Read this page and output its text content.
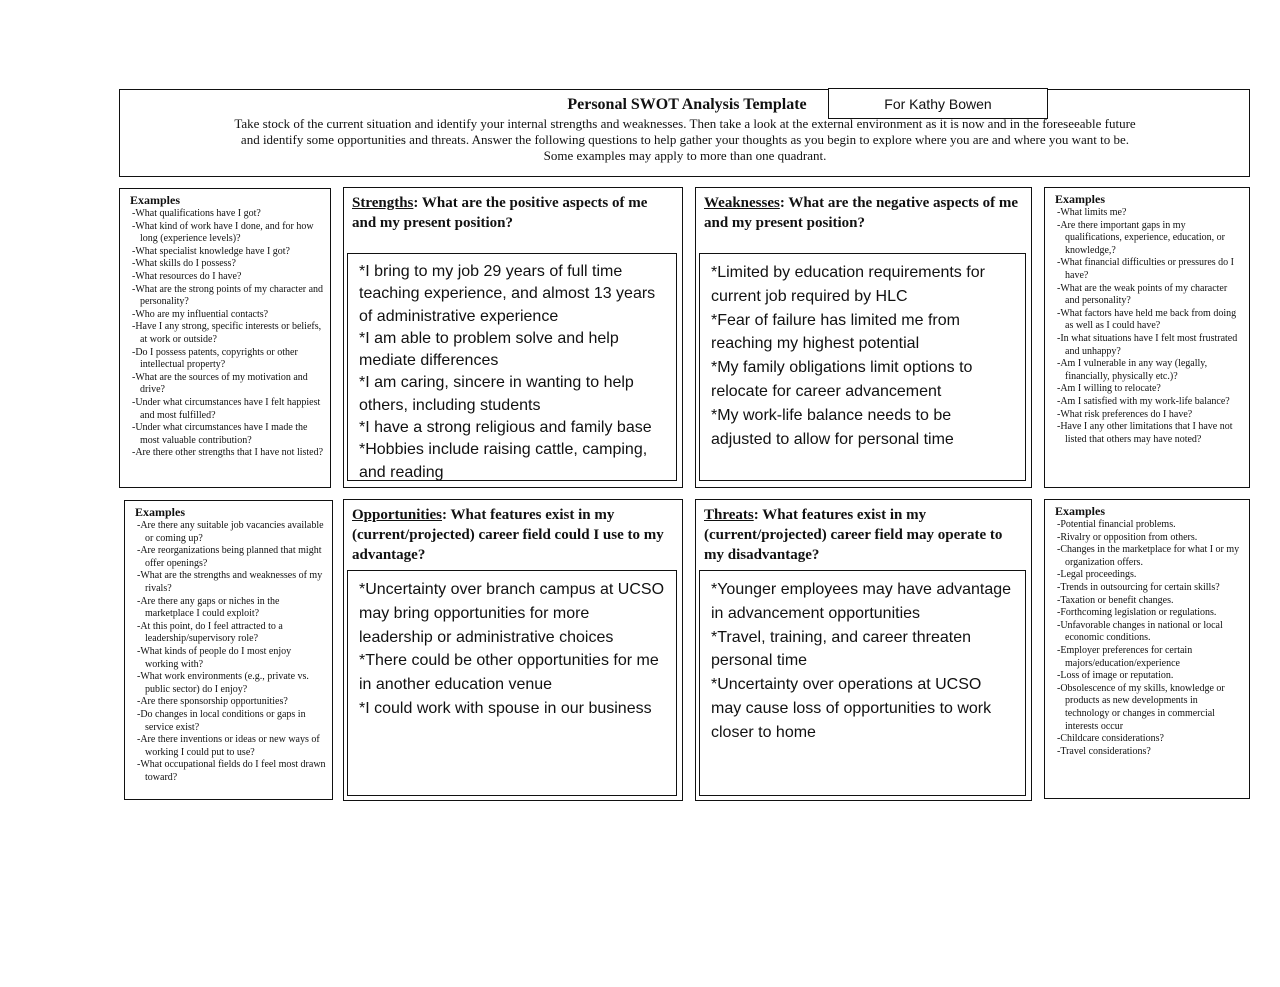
Personal SWOT Analysis Template	For Kathy Bowen
Take stock of the current situation and identify your internal strengths and weaknesses. Then take a look at the external environment as it is now and in the foreseeable future
and identify some opportunities and threats. Answer the following questions to help gather your thoughts as you begin to explore where you are and where you want to be.
Some examples may apply to more than one quadrant.
Examples
-What qualifications have I got?
-What kind of work have I done, and for how long (experience levels)?
-What specialist knowledge have I got?
-What skills do I possess?
-What resources do I have?
-What are the strong points of my character and personality?
-Who are my influential contacts?
-Have I any strong, specific interests or beliefs, at work or outside?
-Do I possess patents, copyrights or other intellectual property?
-What are the sources of my motivation and drive?
-Under what circumstances have I felt happiest and most fulfilled?
-Under what circumstances have I made the most valuable contribution?
-Are there other strengths that I have not listed?
Strengths: What are the positive aspects of me and my present position?

*I bring to my job 29 years of full time teaching experience, and almost 13 years of administrative experience

*I am able to problem solve and help mediate differences

*I am caring, sincere in wanting to help others, including students

*I have a strong religious and family base

*Hobbies include raising cattle, camping, and reading

Weaknesses: What are the negative aspects of me and my present position?

*Limited by education requirements for current job required by HLC

*Fear of failure has limited me from reaching my highest potential

*My family obligations limit options to relocate for career advancement

*My work-life balance needs to be adjusted to allow for personal time

Examples
-What limits me?
-Are there important gaps in my qualifications, experience, education, or knowledge,?
-What financial difficulties or pressures do I have?
-What are the weak points of my character and personality?
-What factors have held me back from doing as well as I could have?
-In what situations have I felt most frustrated and unhappy?
-Am I vulnerable in any way (legally, financially, physically etc.)?
-Am I willing to relocate?
-Am I satisfied with my work-life balance?
-What risk preferences do I have?
-Have I any other limitations that I have not listed that others may have noted?
Examples
-Are there any suitable job vacancies available or coming up?
-Are reorganizations being planned that might offer openings?
-What are the strengths and weaknesses of my rivals?
-Are there any gaps or niches in the marketplace I could exploit?
-At this point, do I feel attracted to a leadership/supervisory role?
-What kinds of people do I most enjoy working with?
-What work environments (e.g., private vs. public sector) do I enjoy?
-Are there sponsorship opportunities?
-Do changes in local conditions or gaps in service exist?
-Are there inventions or ideas or new ways of working I could put to use?
-What occupational fields do I feel most drawn toward?
Opportunities: What features exist in my (current/projected) career field could I use to my advantage?

*Uncertainty over branch campus at UCSO may bring opportunities for more leadership or administrative choices

*There could be other opportunities for me in another education venue

*I could work with spouse in our business

Threats: What features exist in my (current/projected) career field may operate to my disadvantage?

*Younger employees may have advantage in advancement opportunities

*Travel, training, and career threaten personal time

*Uncertainty over operations at UCSO may cause loss of opportunities to work closer to home

Examples
-Potential financial problems.
-Rivalry or opposition from others.
-Changes in the marketplace for what I or my organization offers.
-Legal proceedings.
-Trends in outsourcing for certain skills?
-Taxation or benefit changes.
-Forthcoming legislation or regulations.
-Unfavorable changes in national or local economic conditions.
-Employer preferences for certain majors/education/experience
-Loss of image or reputation.
-Obsolescence of my skills, knowledge or products as new developments in technology or changes in commercial interests occur
-Childcare considerations?
-Travel considerations?
